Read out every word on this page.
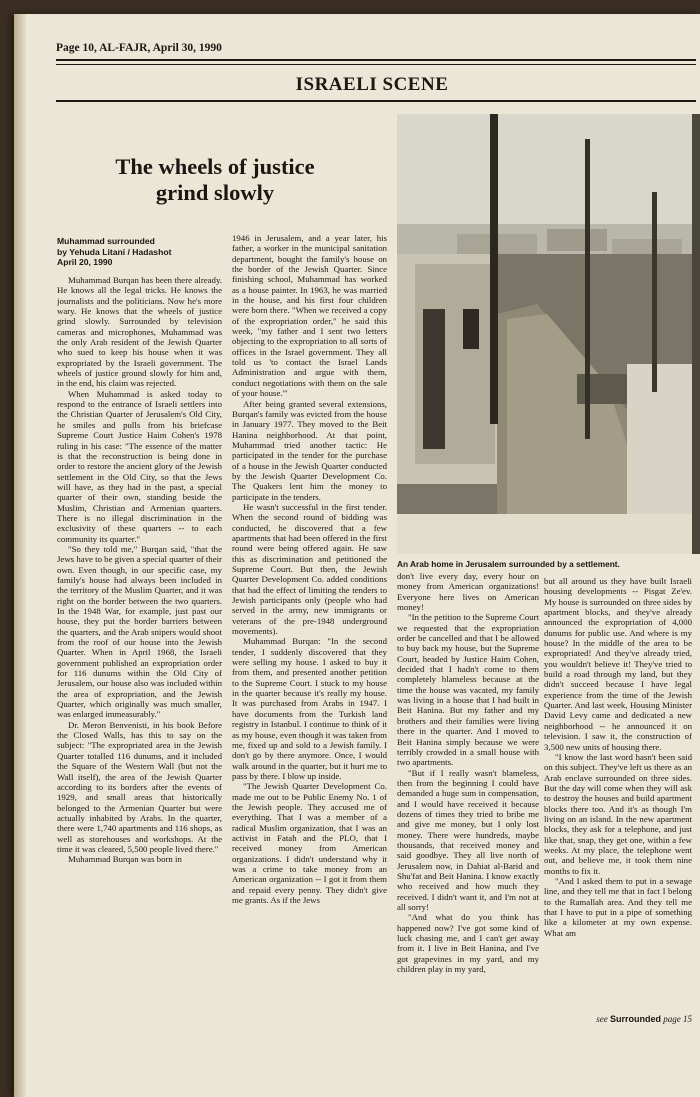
Page 10, AL-FAJR, April 30, 1990
ISRAELI SCENE
The wheels of justice
grind slowly
Muhammad surrounded
by Yehuda Litani / Hadashot
April 20, 1990

Muhammad Burqan has been there already. He knows all the legal tricks. He knows the journalists and the politicians. Now he's more wary. He knows that the wheels of justice grind slowly. Surrounded by television cameras and microphones, Muhammad was the only Arab resident of the Jewish Quarter who sued to keep his house when it was expropriated by the Israeli government. The wheels of justice ground slowly for him and, in the end, his claim was rejected.

When Muhammad is asked today to respond to the entrance of Israeli settlers into the Christian Quarter of Jerusalem's Old City, he smiles and pulls from his briefcase Supreme Court Justice Haim Cohen's 1978 ruling in his case: "The essence of the matter is that the reconstruction is being done in order to restore the ancient glory of the Jewish settlement in the Old City, so that the Jews will have, as they had in the past, a special quarter of their own, standing beside the Muslim, Christian and Armenian quarters. There is no illegal discrimination in the exclusivity of these quarters -- to each community its quarter."

"So they told me," Burqan said, "that the Jews have to be given a special quarter of their own. Even though, in our specific case, my family's house had always been included in the territory of the Muslim Quarter, and it was right on the border between the two quarters. In the 1948 War, for example, just past our house, they put the border barriers between the quarters, and the Arab snipers would shoot from the roof of our house into the Jewish Quarter. When in April 1968, the Israeli government published an expropriation order for 116 dunums within the Old City of Jerusalem, our house also was included within the area of expropriation, and the Jewish Quarter, which originally was much smaller, was enlarged immeasurably."

Dr. Meron Benvenisti, in his book Before the Closed Walls, has this to say on the subject: "The expropriated area in the Jewish Quarter totalled 116 dunums, and it included the Square of the Western Wall (but not the Wall itself), the area of the Jewish Quarter according to its borders after the events of 1929, and small areas that historically belonged to the Armenian Quarter but were actually inhabited by Arabs. In the quarter, there were 1,740 apartments and 116 shops, as well as storehouses and workshops. At the time it was cleared, 5,500 people lived there."

Muhammad Burqan was born in

1946 in Jerusalem, and a year later, his father, a worker in the municipal sanitation department, bought the family's house on the border of the Jewish Quarter. Since finishing school, Muhammad has worked as a house painter. In 1963, he was married in the house, and his first four children were born there. "When we received a copy of the expropriation order," he said this week, "my father and I sent two letters objecting to the expropriation to all sorts of offices in the Israel government. They all told us 'to contact the Israel Lands Administration and argue with them, conduct negotiations with them on the sale of your house.'"

After being granted several extensions, Burqan's family was evicted from the house in January 1977. They moved to the Beit Hanina neighborhood. At that point, Muhammad tried another tactic: He participated in the tender for the purchase of a house in the Jewish Quarter conducted by the Jewish Quarter Development Co. The Quakers lent him the money to participate in the tenders.

He wasn't successful in the first tender. When the second round of bidding was conducted, he discovered that a few apartments that had been offered in the first round were being offered again. He saw this as discrimination and petitioned the Supreme Court. But then, the Jewish Quarter Development Co. added conditions that had the effect of limiting the tenders to Jewish participants only (people who had served in the army, new immigrants or veterans of the pre-1948 underground movements).

Muhammad Burqan: "In the second tender, I suddenly discovered that they were selling my house. I asked to buy it from them, and presented another petition to the Supreme Court. I stuck to my house in the quarter because it's really my house. It was purchased from Arabs in 1947. I have documents from the Turkish land registry in Istanbul. I continue to think of it as my house, even though it was taken from me, fixed up and sold to a Jewish family. I don't go by there anymore. Once, I would walk around in the quarter, but it hurt me to pass by there. I blow up inside.

"The Jewish Quarter Development Co. made me out to be Public Enemy No. 1 of the Jewish people. They accused me of everything. That I was a member of a radical Muslim organization, that I was an activist in Fatah and the PLO, that I received money from American organizations. I didn't understand why it was a crime to take money from an American organization -- I got it from them and repaid every penny. They didn't give me grants. As if the Jews

An Arab home in Jerusalem surrounded by a settlement.

don't live every day, every hour on money from American organizations! Everyone here lives on American money!

"In the petition to the Supreme Court we requested that the expropriation order be cancelled and that I be allowed to buy back my house, but the Supreme Court, headed by Justice Haim Cohen, decided that I hadn't come to them completely blameless because at the time the house was vacated, my family was living in a house that I had built in Beit Hanina. But my father and my brothers and their families were living there in the quarter. And I moved to Beit Hanina simply because we were terribly crowded in a small house with two apartments.

"But if I really wasn't blameless, then from the beginning I could have demanded a huge sum in compensation, and I would have received it because dozens of times they tried to bribe me and give me money, but I only lost money. There were hundreds, maybe thousands, that received money and said goodbye. They all live north of Jerusalem now, in Dahiat al-Barid and Shu'fat and Beit Hanina. I know exactly who received and how much they received. I didn't want it, and I'm not at all sorry!

"And what do you think has happened now? I've got some kind of luck chasing me, and I can't get away from it. I live in Beit Hanina, and I've got grapevines in my yard, and my children play in my yard,

but all around us they have built Israeli housing developments -- Pisgat Ze'ev. My house is surrounded on three sides by apartment blocks, and they've already announced the expropriation of 4,000 dunums for public use. And where is my house? In the middle of the area to be expropriated! And they've already tried, you wouldn't believe it! They've tried to build a road through my land, but they didn't succeed because I have legal experience from the time of the Jewish Quarter. And last week, Housing Minister David Levy came and dedicated a new neighborhood -- he announced it on television. I saw it, the construction of 3,500 new units of housing there.

"I know the last word hasn't been said on this subject. They've left us there as an Arab enclave surrounded on three sides. But the day will come when they will ask to destroy the houses and build apartment blocks there too. And it's as though I'm living on an island. In the new apartment blocks, they ask for a telephone, and just like that, snap, they get one, within a few weeks. At my place, the telephone went out, and believe me, it took them nine months to fix it.

"And I asked them to put in a sewage line, and they tell me that in fact I belong to the Ramallah area. And they tell me that I have to put in a pipe of something like a kilometer at my own expense. What am

see Surrounded page 15
